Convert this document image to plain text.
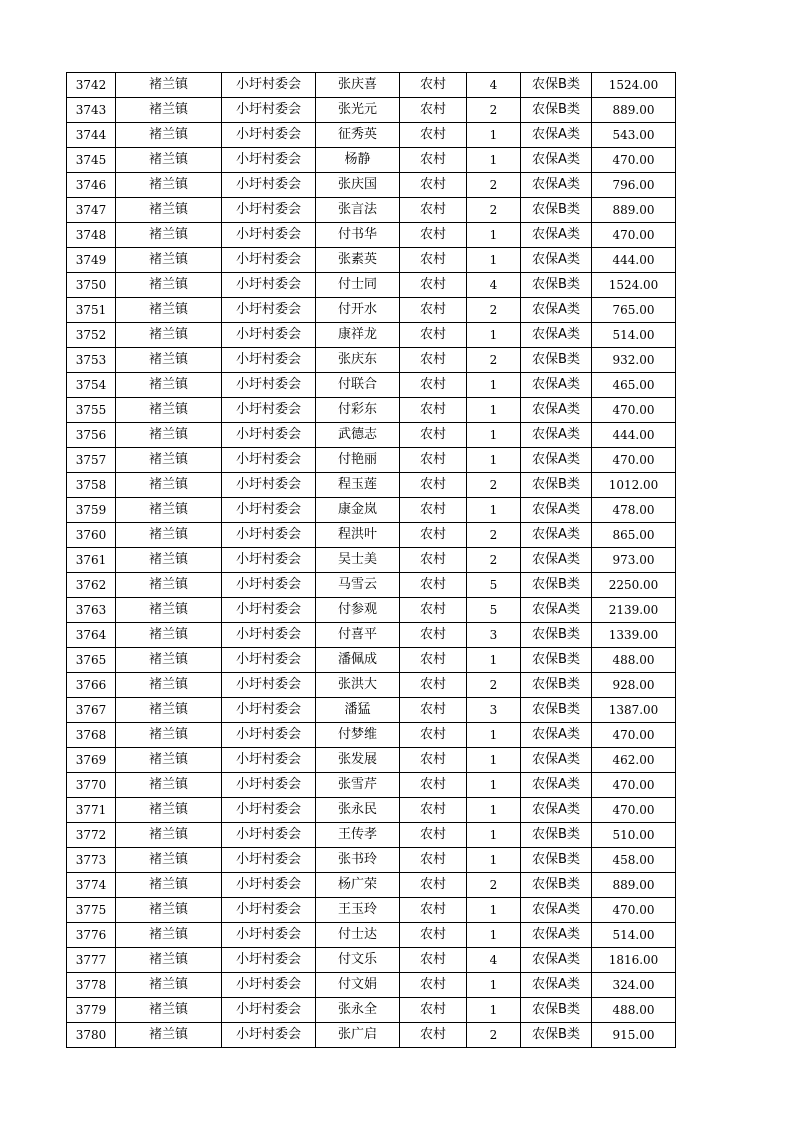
3742	褚兰镇	小圩村委会	张庆喜	农村	4	农保B类	1524.00
3743	褚兰镇	小圩村委会	张光元	农村	2	农保B类	889.00
3744	褚兰镇	小圩村委会	征秀英	农村	1	农保A类	543.00
3745	褚兰镇	小圩村委会	杨静	农村	1	农保A类	470.00
3746	褚兰镇	小圩村委会	张庆国	农村	2	农保A类	796.00
3747	褚兰镇	小圩村委会	张言法	农村	2	农保B类	889.00
3748	褚兰镇	小圩村委会	付书华	农村	1	农保A类	470.00
3749	褚兰镇	小圩村委会	张素英	农村	1	农保A类	444.00
3750	褚兰镇	小圩村委会	付士同	农村	4	农保B类	1524.00
3751	褚兰镇	小圩村委会	付开水	农村	2	农保A类	765.00
3752	褚兰镇	小圩村委会	康祥龙	农村	1	农保A类	514.00
3753	褚兰镇	小圩村委会	张庆东	农村	2	农保B类	932.00
3754	褚兰镇	小圩村委会	付联合	农村	1	农保A类	465.00
3755	褚兰镇	小圩村委会	付彩东	农村	1	农保A类	470.00
3756	褚兰镇	小圩村委会	武德志	农村	1	农保A类	444.00
3757	褚兰镇	小圩村委会	付艳丽	农村	1	农保A类	470.00
3758	褚兰镇	小圩村委会	程玉莲	农村	2	农保B类	1012.00
3759	褚兰镇	小圩村委会	康金岚	农村	1	农保A类	478.00
3760	褚兰镇	小圩村委会	程洪叶	农村	2	农保A类	865.00
3761	褚兰镇	小圩村委会	吴士美	农村	2	农保A类	973.00
3762	褚兰镇	小圩村委会	马雪云	农村	5	农保B类	2250.00
3763	褚兰镇	小圩村委会	付参观	农村	5	农保A类	2139.00
3764	褚兰镇	小圩村委会	付喜平	农村	3	农保B类	1339.00
3765	褚兰镇	小圩村委会	潘佩成	农村	1	农保B类	488.00
3766	褚兰镇	小圩村委会	张洪大	农村	2	农保B类	928.00
3767	褚兰镇	小圩村委会	潘猛	农村	3	农保B类	1387.00
3768	褚兰镇	小圩村委会	付梦维	农村	1	农保A类	470.00
3769	褚兰镇	小圩村委会	张发展	农村	1	农保A类	462.00
3770	褚兰镇	小圩村委会	张雪芹	农村	1	农保A类	470.00
3771	褚兰镇	小圩村委会	张永民	农村	1	农保A类	470.00
3772	褚兰镇	小圩村委会	王传孝	农村	1	农保B类	510.00
3773	褚兰镇	小圩村委会	张书玲	农村	1	农保B类	458.00
3774	褚兰镇	小圩村委会	杨广荣	农村	2	农保B类	889.00
3775	褚兰镇	小圩村委会	王玉玲	农村	1	农保A类	470.00
3776	褚兰镇	小圩村委会	付士达	农村	1	农保A类	514.00
3777	褚兰镇	小圩村委会	付文乐	农村	4	农保A类	1816.00
3778	褚兰镇	小圩村委会	付文娟	农村	1	农保A类	324.00
3779	褚兰镇	小圩村委会	张永全	农村	1	农保B类	488.00
3780	褚兰镇	小圩村委会	张广启	农村	2	农保B类	915.00
